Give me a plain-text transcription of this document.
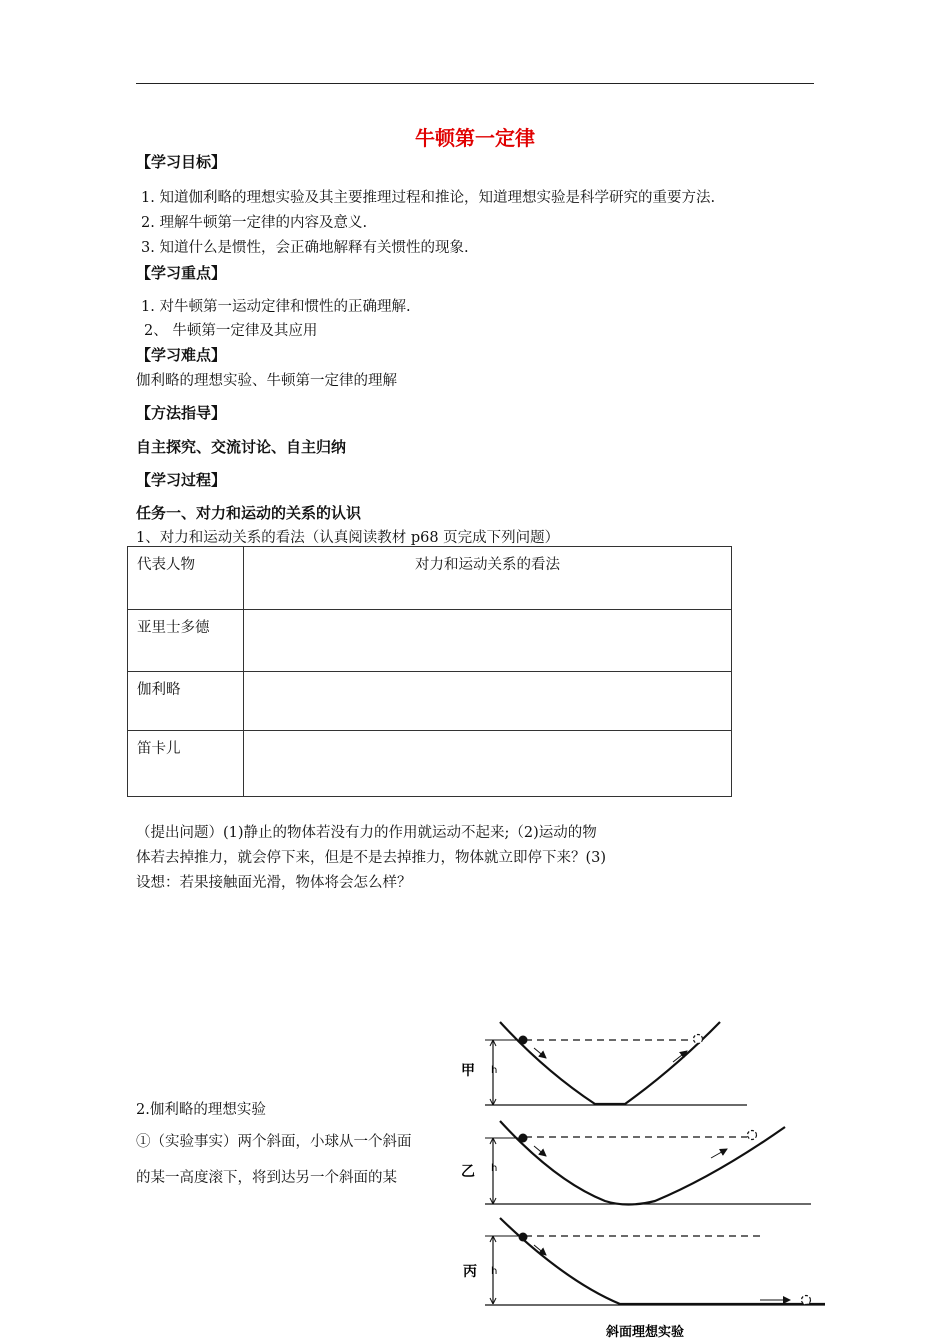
牛顿第一定律
【学习目标】
1. 知道伽利略的理想实验及其主要推理过程和推论，知道理想实验是科学研究的重要方法.
2. 理解牛顿第一定律的内容及意义.
3. 知道什么是惯性，会正确地解释有关惯性的现象.
【学习重点】
1. 对牛顿第一运动定律和惯性的正确理解.
2、 牛顿第一定律及其应用
【学习难点】
伽利略的理想实验、牛顿第一定律的理解
【方法指导】
自主探究、交流讨论、自主归纳
【学习过程】
任务一、对力和运动的关系的认识
1、对力和运动关系的看法（认真阅读教材 p68 页完成下列问题）
代表人物	对力和运动关系的看法
亚里士多德	
伽利略	
笛卡儿	
（提出问题）(1)静止的物体若没有力的作用就运动不起来;（2)运动的物
体若去掉推力，就会停下来，但是不是去掉推力，物体就立即停下来？(3)
设想：若果接触面光滑，物体将会怎么样？
2.伽利略的理想实验
①（实验事实）两个斜面，小球从一个斜面
的某一高度滚下，将到达另一个斜面的某
甲 h
乙 h
丙 h
斜面理想实验
